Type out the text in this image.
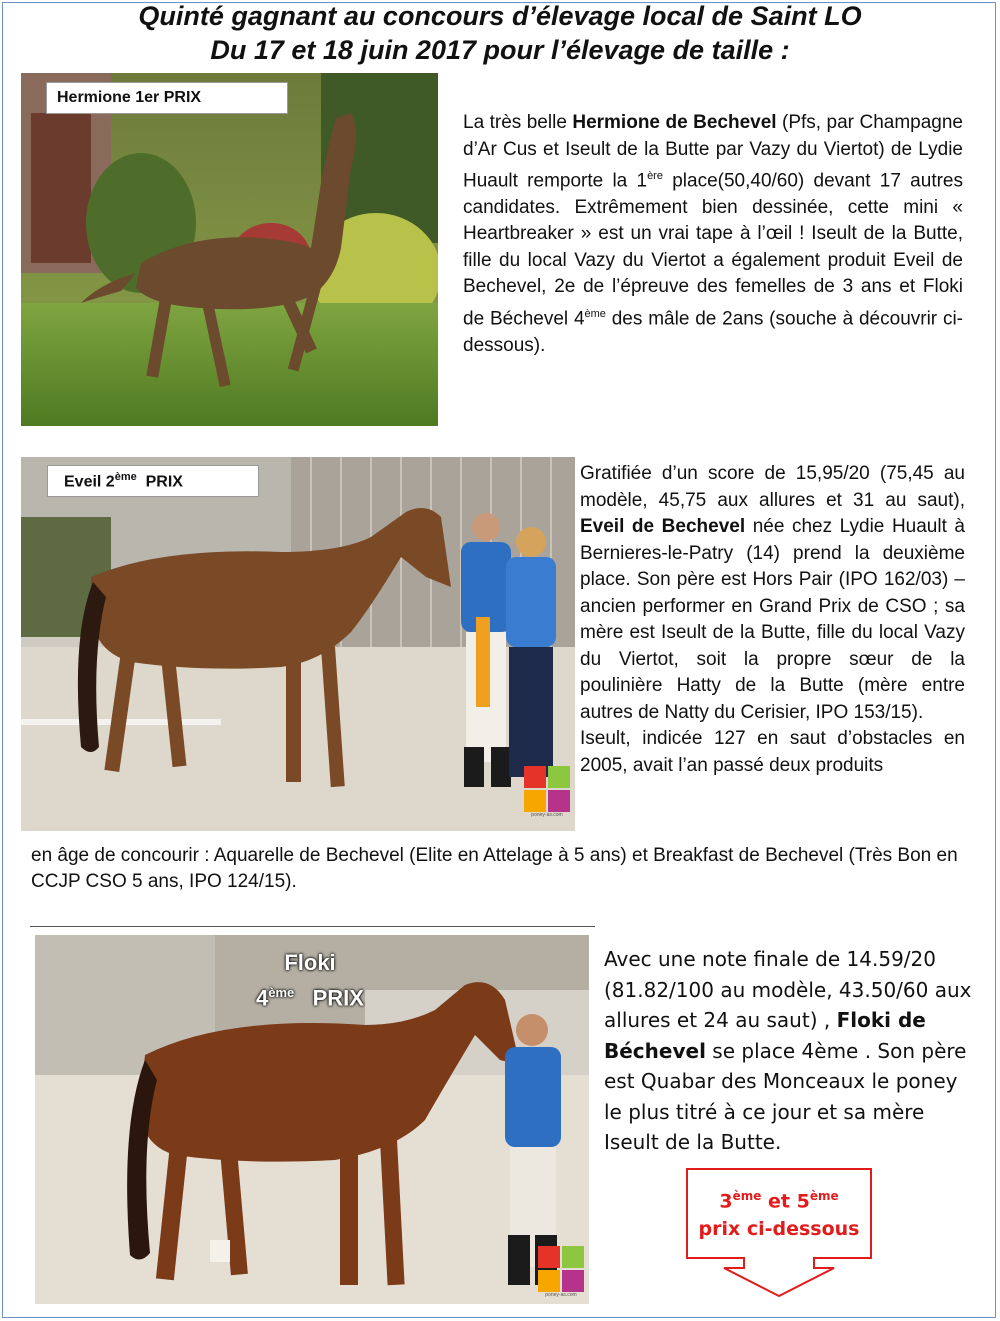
Quinté gagnant au concours d’élevage local de Saint LO
Du 17 et 18 juin 2017 pour l’élevage de taille :
Hermione 1er PRIX
La très belle Hermione de Bechevel (Pfs, par Champagne d’Ar Cus et Iseult de la Butte par Vazy du Viertot) de Lydie Huault remporte la 1ère place(50,40/60) devant 17 autres candidates. Extrêmement bien dessinée, cette mini « Heartbreaker » est un vrai tape à l’œil ! Iseult de la Butte, fille du local Vazy du Viertot a également produit Eveil de Bechevel, 2e de l’épreuve des femelles de 3 ans et Floki de Béchevel 4ème des mâle de 2ans (souche à découvrir ci-dessous).
Eveil 2ème  PRIX
poney-as.com
Gratifiée d’un score de 15,95/20 (75,45 au modèle, 45,75 aux allures et 31 au saut), Eveil de Bechevel née chez Lydie Huault à Bernieres-le-Patry (14) prend la deuxième place. Son père est Hors Pair (IPO 162/03) – ancien performer en Grand Prix de CSO ; sa mère est Iseult de la Butte, fille du local Vazy du Viertot, soit la propre sœur de la poulinière Hatty de la Butte (mère entre autres de Natty du Cerisier, IPO 153/15).
Iseult, indicée 127 en saut d’obstacles en 2005, avait l’an passé deux produits
en âge de concourir : Aquarelle de Bechevel (Elite en Attelage à 5 ans) et Breakfast de Bechevel (Très Bon en CCJP CSO 5 ans, IPO 124/15).
Floki
4ème PRIX
poney-as.com
Avec une note finale de 14.59/20 (81.82/100 au modèle, 43.50/60 aux allures et 24 au saut) , Floki de Béchevel se place 4ème . Son père est Quabar des Monceaux le poney le plus titré à ce jour et sa mère Iseult de la Butte.
3ème et 5ème
prix ci-dessous
